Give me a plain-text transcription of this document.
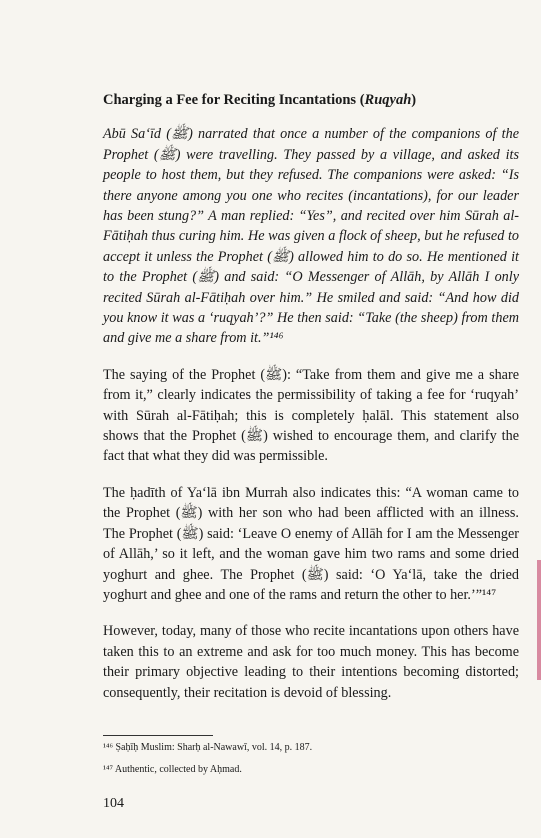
Charging a Fee for Reciting Incantations (Ruqyah)

Abū Sa‘īd (ﷺ) narrated that once a number of the companions of the Prophet (ﷺ) were travelling. They passed by a village, and asked its people to host them, but they refused. The companions were asked: “Is there anyone among you one who recites (incantations), for our leader has been stung?” A man replied: “Yes”, and recited over him Sūrah al-Fātiḥah thus curing him. He was given a flock of sheep, but he refused to accept it unless the Prophet (ﷺ) allowed him to do so. He mentioned it to the Prophet (ﷺ) and said: “O Messenger of Allāh, by Allāh I only recited Sūrah al-Fātiḥah over him.” He smiled and said: “And how did you know it was a ‘ruqyah’?” He then said: “Take (the sheep) from them and give me a share from it.”¹⁴⁶

The saying of the Prophet (ﷺ): “Take from them and give me a share from it,” clearly indicates the permissibility of taking a fee for ‘ruqyah’ with Sūrah al-Fātiḥah; this is completely ḥalāl. This statement also shows that the Prophet (ﷺ) wished to encourage them, and clarify the fact that what they did was permissible.

The ḥadīth of Ya‘lā ibn Murrah also indicates this: “A woman came to the Prophet (ﷺ) with her son who had been afflicted with an illness. The Prophet (ﷺ) said: ‘Leave O enemy of Allāh for I am the Messenger of Allāh,’ so it left, and the woman gave him two rams and some dried yoghurt and ghee. The Prophet (ﷺ) said: ‘O Ya‘lā, take the dried yoghurt and ghee and one of the rams and return the other to her.’”¹⁴⁷

However, today, many of those who recite incantations upon others have taken this to an extreme and ask for too much money. This has become their primary objective leading to their intentions becoming distorted; consequently, their recitation is devoid of blessing.

¹⁴⁶ Ṣaḥīḥ Muslim: Sharḥ al-Nawawī, vol. 14, p. 187.
¹⁴⁷ Authentic, collected by Aḥmad.
104
